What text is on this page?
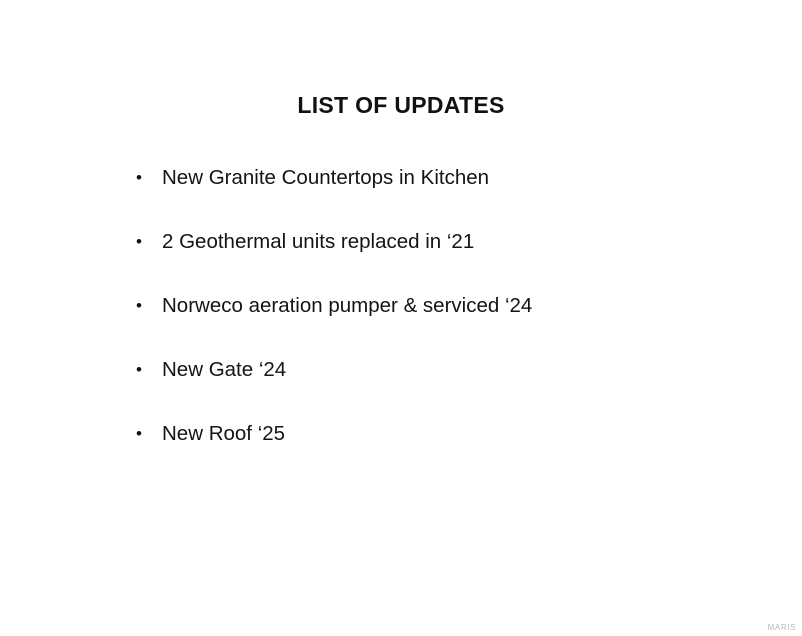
LIST OF UPDATES
• New Granite Countertops in Kitchen
• 2 Geothermal units replaced in ‘21
• Norweco aeration pumper & serviced ‘24
• New Gate ‘24
• New Roof ‘25
MARIS
